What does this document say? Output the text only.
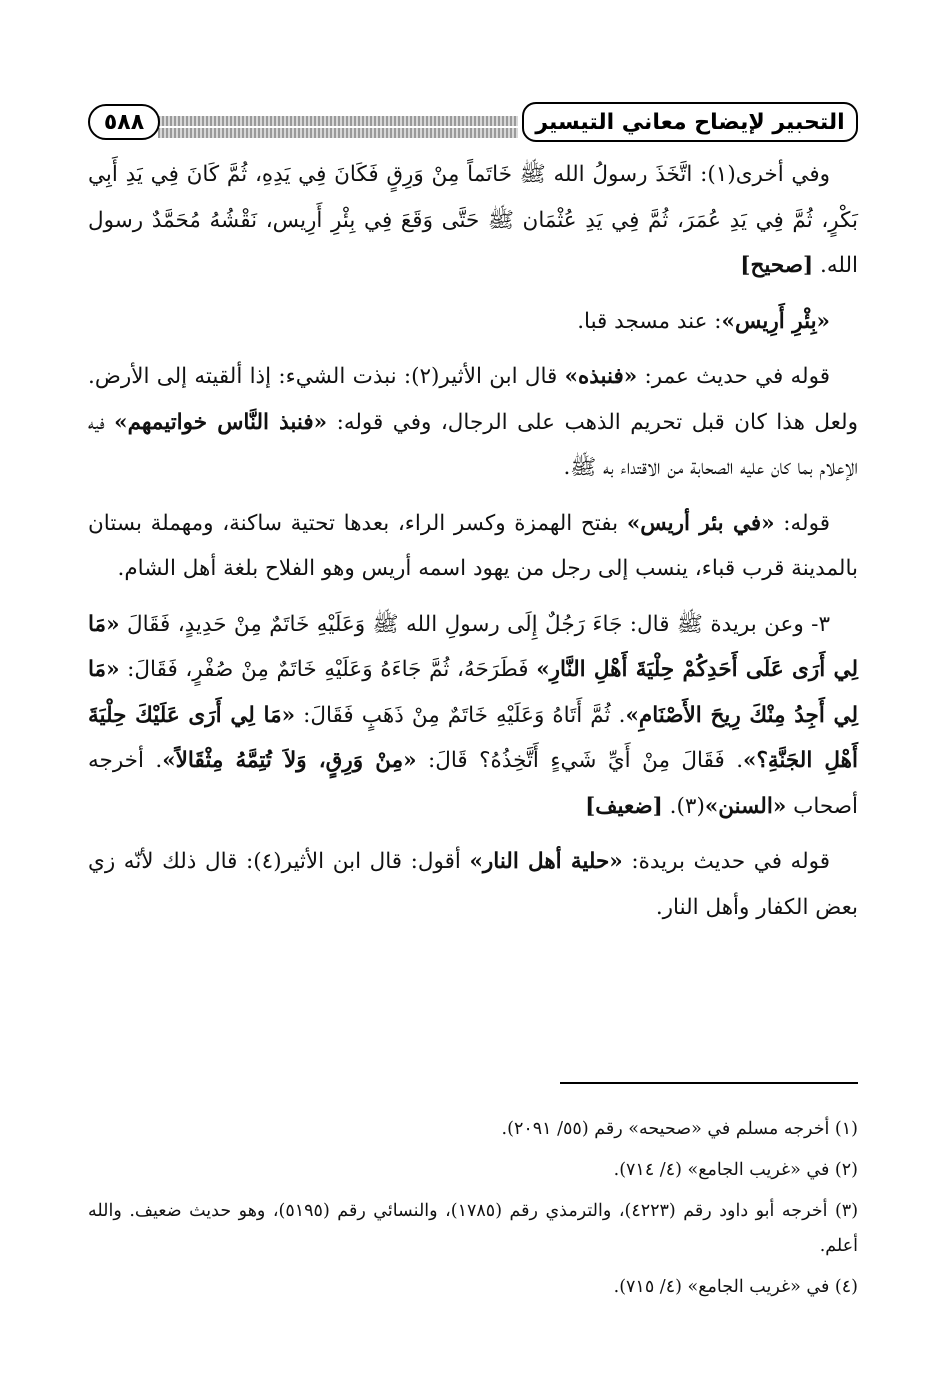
التحبير لإيضاح معاني التيسير
٥٨٨

وفي أخرى(١): اتَّخَذَ رسولُ الله ﷺ خَاتَماً مِنْ وَرِقٍ فَكَانَ فِي يَدِهِ، ثُمَّ كَانَ فِي يَدِ أَبِي بَكْرٍ، ثُمَّ فِي يَدِ عُمَرَ، ثُمَّ فِي يَدِ عُثْمَان ﷺ حَتَّى وَقَعَ فِي بِئْرِ أَرِيس، نَقْشُهُ مُحَمَّدٌ رسول الله. [صحيح]

«بِئْرِ أَرِيس»: عند مسجد قبا.

قوله في حديث عمر: «فنبذه» قال ابن الأثير(٢): نبذت الشيء: إذا ألقيته إلى الأرض. ولعل هذا كان قبل تحريم الذهب على الرجال، وفي قوله: «فنبذ النَّاس خواتيمهم» فيه الإعلام بما كان عليه الصحابة من الاقتداء به ﷺ.

قوله: «في بئر أريس» بفتح الهمزة وكسر الراء، بعدها تحتية ساكنة، ومهملة بستان بالمدينة قرب قباء، ينسب إلى رجل من يهود اسمه أريس وهو الفلاح بلغة أهل الشام.

٣- وعن بريدة ﷺ قال: جَاءَ رَجُلٌ إِلَى رسولِ الله ﷺ وَعَلَيْهِ خَاتَمٌ مِنْ حَدِيدٍ، فَقَالَ «مَا لِي أَرَى عَلَى أَحَدِكُمْ حِلْيَةَ أَهْلِ النَّارِ» فَطَرَحَهُ، ثُمَّ جَاءَهُ وَعَلَيْهِ خَاتَمٌ مِنْ صُفْرٍ، فَقَالَ: «مَا لِي أَجِدُ مِنْكَ رِيحَ الأَصْنَامِ». ثُمَّ أَتَاهُ وَعَلَيْهِ خَاتَمٌ مِنْ ذَهَبٍ فَقَالَ: «مَا لِي أَرَى عَلَيْكَ حِلْيَةَ أَهْلِ الجَنَّةِ؟». فَقَالَ مِنْ أَيِّ شَيءٍ أَتَّخِذُهُ؟ قَالَ: «مِنْ وَرِقٍ، وَلاَ تُتِمَّهُ مِثْقَالاً». أخرجه أصحاب «السنن»(٣). [ضعيف]

قوله في حديث بريدة: «حلية أهل النار» أقول: قال ابن الأثير(٤): قال ذلك لأنّه زي بعض الكفار وأهل النار.

(١) أخرجه مسلم في «صحيحه» رقم (٥٥/ ٢٠٩١).

(٢) في «غريب الجامع» (٤/ ٧١٤).

(٣) أخرجه أبو داود رقم (٤٢٢٣)، والترمذي رقم (١٧٨٥)، والنسائي رقم (٥١٩٥)، وهو حديث ضعيف. والله أعلم.

(٤) في «غريب الجامع» (٤/ ٧١٥).
